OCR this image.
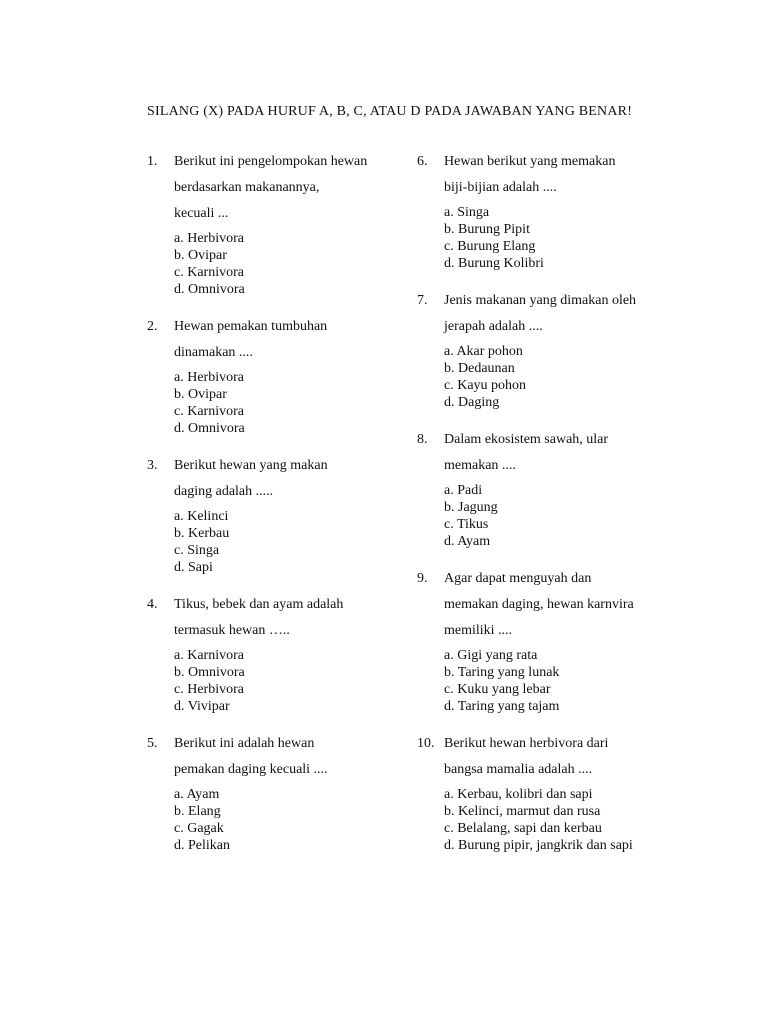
SILANG (X) PADA HURUF A, B, C, ATAU D PADA JAWABAN YANG BENAR!
1. Berikut ini pengelompokan hewan
berdasarkan makanannya,
kecuali ...
a. Herbivora
b. Ovipar
c. Karnivora
d. Omnivora
2. Hewan pemakan tumbuhan
dinamakan ....
a. Herbivora
b. Ovipar
c. Karnivora
d. Omnivora
3. Berikut hewan yang makan
daging adalah .....
a. Kelinci
b. Kerbau
c. Singa
d. Sapi
4. Tikus, bebek dan ayam adalah
termasuk hewan …..
a. Karnivora
b. Omnivora
c. Herbivora
d. Vivipar
5. Berikut ini adalah hewan
pemakan daging kecuali ....
a. Ayam
b. Elang
c. Gagak
d. Pelikan
6. Hewan berikut yang memakan
biji-bijian adalah ....
a. Singa
b. Burung Pipit
c. Burung Elang
d. Burung Kolibri
7. Jenis makanan yang dimakan oleh
jerapah adalah ....
a. Akar pohon
b. Dedaunan
c. Kayu pohon
d. Daging
8. Dalam ekosistem sawah, ular
memakan ....
a. Padi
b. Jagung
c. Tikus
d. Ayam
9. Agar dapat menguyah dan
memakan daging, hewan karnvira
memiliki ....
a. Gigi yang rata
b. Taring yang lunak
c. Kuku yang lebar
d. Taring yang tajam
10. Berikut hewan herbivora dari
bangsa mamalia adalah ....
a. Kerbau, kolibri dan sapi
b. Kelinci, marmut dan rusa
c. Belalang, sapi dan kerbau
d. Burung pipir, jangkrik dan sapi
